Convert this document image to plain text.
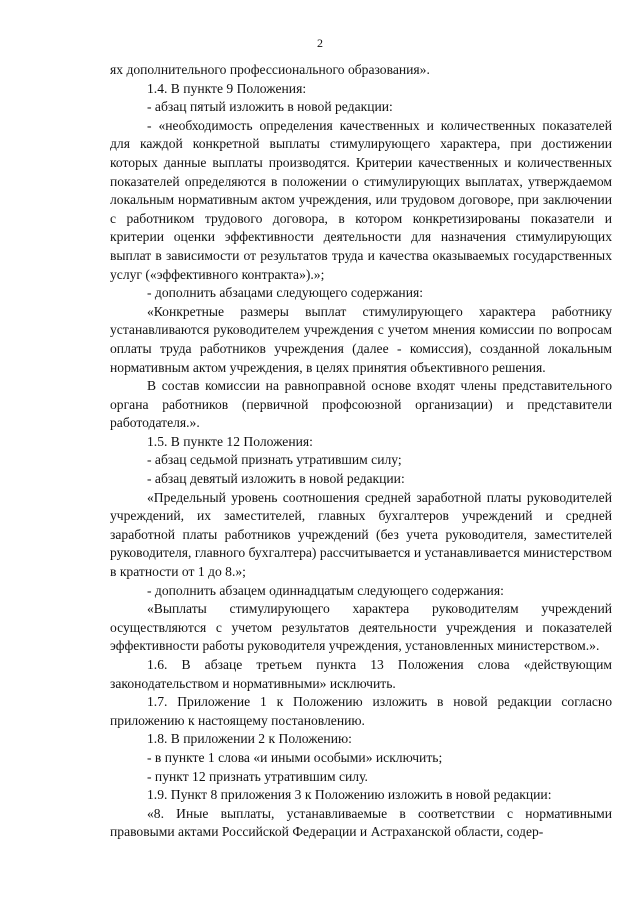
2

ях дополнительного профессионального образования».

1.4. В пункте 9 Положения:

- абзац пятый изложить в новой редакции:

- «необходимость определения качественных и количественных показателей для каждой конкретной выплаты стимулирующего характера, при достижении которых данные выплаты производятся. Критерии качественных и количественных показателей определяются в положении о стимулирующих выплатах, утверждаемом локальным нормативным актом учреждения, или трудовом договоре, при заключении с работником трудового договора, в котором конкретизированы показатели и критерии оценки эффективности деятельности для назначения стимулирующих выплат в зависимости от результатов труда и качества оказываемых государственных услуг («эффективного контракта»).»;

- дополнить абзацами следующего содержания:

«Конкретные размеры выплат стимулирующего характера работнику устанавливаются руководителем учреждения с учетом мнения комиссии по вопросам оплаты труда работников учреждения (далее - комиссия), созданной локальным нормативным актом учреждения, в целях принятия объективного решения.

В состав комиссии на равноправной основе входят члены представительного органа работников (первичной профсоюзной организации) и представители работодателя.».

1.5. В пункте 12 Положения:

- абзац седьмой признать утратившим силу;

- абзац девятый изложить в новой редакции:

«Предельный уровень соотношения средней заработной платы руководителей учреждений, их заместителей, главных бухгалтеров учреждений и средней заработной платы работников учреждений (без учета руководителя, заместителей руководителя, главного бухгалтера) рассчитывается и устанавливается министерством в кратности от 1 до 8.»;

- дополнить абзацем одиннадцатым следующего содержания:

«Выплаты стимулирующего характера руководителям учреждений осуществляются с учетом результатов деятельности учреждения и показателей эффективности работы руководителя учреждения, установленных министерством.».

1.6. В абзаце третьем пункта 13 Положения слова «действующим законодательством и нормативными» исключить.

1.7. Приложение 1 к Положению изложить в новой редакции согласно приложению к настоящему постановлению.

1.8. В приложении 2 к Положению:

- в пункте 1 слова «и иными особыми» исключить;

- пункт 12 признать утратившим силу.

1.9. Пункт 8 приложения 3 к Положению изложить в новой редакции:

«8. Иные выплаты, устанавливаемые в соответствии с нормативными правовыми актами Российской Федерации и Астраханской области, содер-
